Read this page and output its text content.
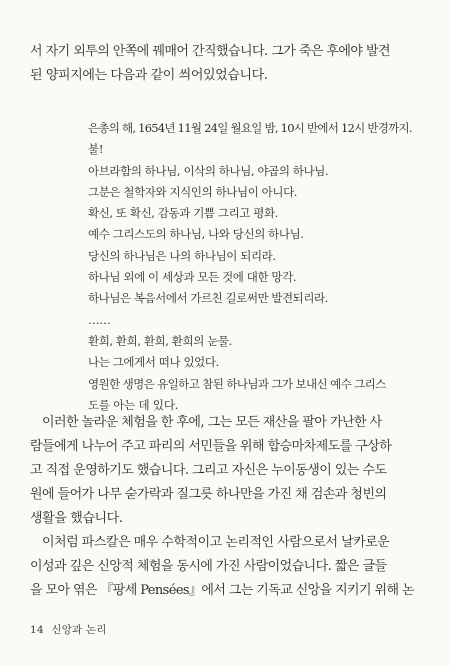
서 자기 외투의 안쪽에 꿰매어 간직했습니다. 그가 죽은 후에야 발견
된 양피지에는 다음과 같이 씌어있었습니다.
은총의 해, 1654년 11월 24일 월요일 밤, 10시 반에서 12시 반경까지.
불!
아브라함의 하나님, 이삭의 하나님, 야곱의 하나님.
그분은 철학자와 지식인의 하나님이 아니다.
확신, 또 확신, 감동과 기쁨 그리고 평화.
예수 그리스도의 하나님, 나와 당신의 하나님.
당신의 하나님은 나의 하나님이 되리라.
하나님 외에 이 세상과 모든 것에 대한 망각.
하나님은 복음서에서 가르친 길로써만 발견되리라.
……
환희, 환희, 환희, 환희의 눈물.
나는 그에게서 떠나 있었다.
영원한 생명은 유일하고 참된 하나님과 그가 보내신 예수 그리스
도를 아는 데 있다.
이러한 놀라운 체험을 한 후에, 그는 모든 재산을 팔아 가난한 사
람들에게 나누어 주고 파리의 서민들을 위해 합승마차제도를 구상하
고 직접 운영하기도 했습니다. 그리고 자신은 누이동생이 있는 수도
원에 들어가 나무 숟가락과 질그릇 하나만을 가진 채 검손과 청빈의
생활을 했습니다.
이처럼 파스칼은 매우 수학적이고 논리적인 사람으로서 날카로운
이성과 깊은 신앙적 체험을 동시에 가진 사람이었습니다. 짧은 글들
을 모아 엮은 『팡세 Pensées』에서 그는 기독교 신앙을 지키기 위해 논
14 신앙과 논리
